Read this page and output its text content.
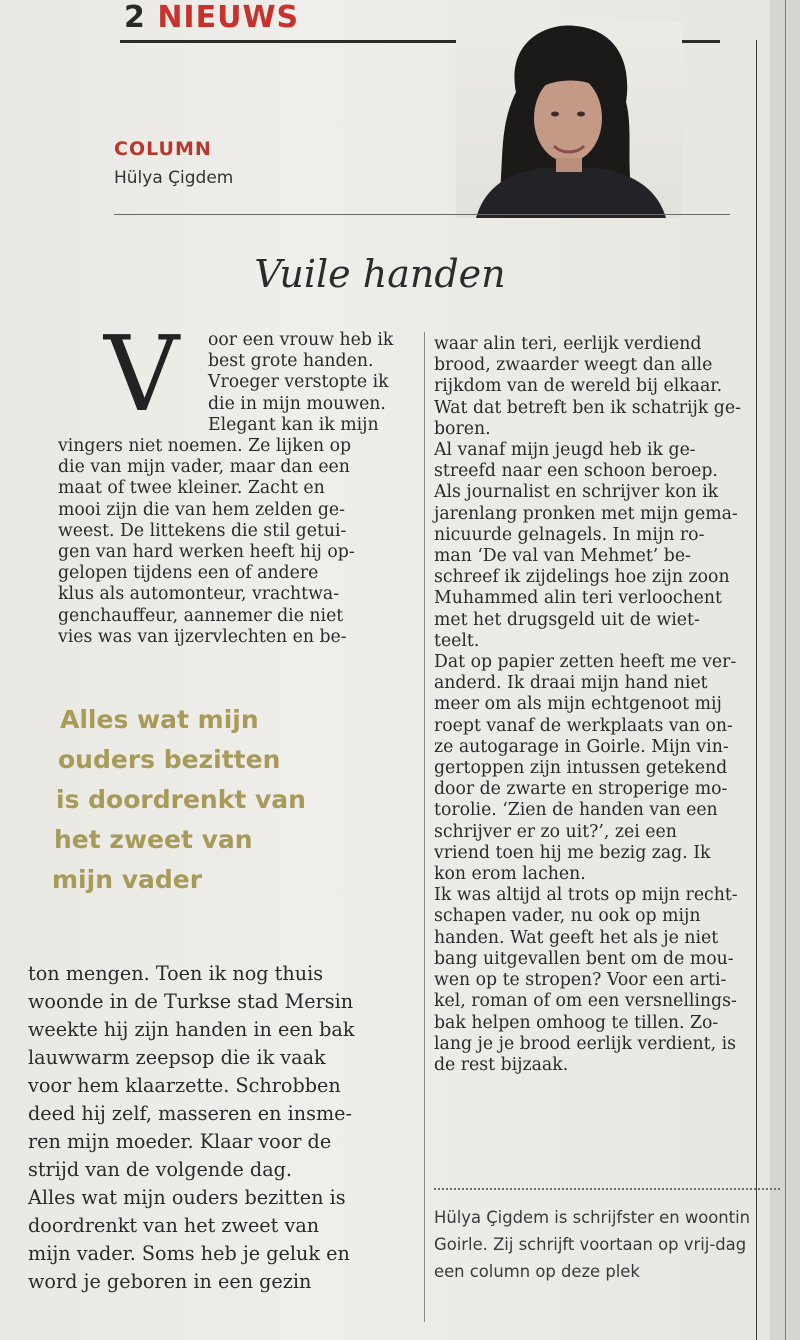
2 NIEUWS
COLUMN
Hülya Çigdem
Vuile handen
V	oor een vrouw heb ik
best grote handen.
Vroeger verstopte ik
die in mijn mouwen.
Elegant kan ik mijn
vingers niet noemen. Ze lijken op
die van mijn vader, maar dan een
maat of twee kleiner. Zacht en
mooi zijn die van hem zelden ge-
weest. De littekens die stil getui-
gen van hard werken heeft hij op-
gelopen tijdens een of andere
klus als automonteur, vrachtwa-
genchauffeur, aannemer die niet
vies was van ijzervlechten en be-
Alles wat mijn
ouders bezitten
is doordrenkt van
het zweet van
mijn vader
ton mengen. Toen ik nog thuis
woonde in de Turkse stad Mersin
weekte hij zijn handen in een bak
lauwwarm zeepsop die ik vaak
voor hem klaarzette. Schrobben
deed hij zelf, masseren en insme-
ren mijn moeder. Klaar voor de
strijd van de volgende dag.
Alles wat mijn ouders bezitten is
doordrenkt van het zweet van
mijn vader. Soms heb je geluk en
word je geboren in een gezin
waar alin teri, eerlijk verdiend
brood, zwaarder weegt dan alle
rijkdom van de wereld bij elkaar.
Wat dat betreft ben ik schatrijk ge-
boren.
Al vanaf mijn jeugd heb ik ge-
streefd naar een schoon beroep.
Als journalist en schrijver kon ik
jarenlang pronken met mijn gema-
nicuurde gelnagels. In mijn ro-
man ‘De val van Mehmet’ be-
schreef ik zijdelings hoe zijn zoon
Muhammed alin teri verloochent
met het drugsgeld uit de wiet-
teelt.
Dat op papier zetten heeft me ver-
anderd. Ik draai mijn hand niet
meer om als mijn echtgenoot mij
roept vanaf de werkplaats van on-
ze autogarage in Goirle. Mijn vin-
gertoppen zijn intussen getekend
door de zwarte en stroperige mo-
torolie. ‘Zien de handen van een
schrijver er zo uit?’, zei een
vriend toen hij me bezig zag. Ik
kon erom lachen.
Ik was altijd al trots op mijn recht-
schapen vader, nu ook op mijn
handen. Wat geeft het als je niet
bang uitgevallen bent om de mou-
wen op te stropen? Voor een arti-
kel, roman of om een versnellings-
bak helpen omhoog te tillen. Zo-
lang je je brood eerlijk verdient, is
de rest bijzaak.
Hülya Çigdem is schrijfster en woontin Goirle. Zij schrijft voortaan op vrij-dag een column op deze plek
